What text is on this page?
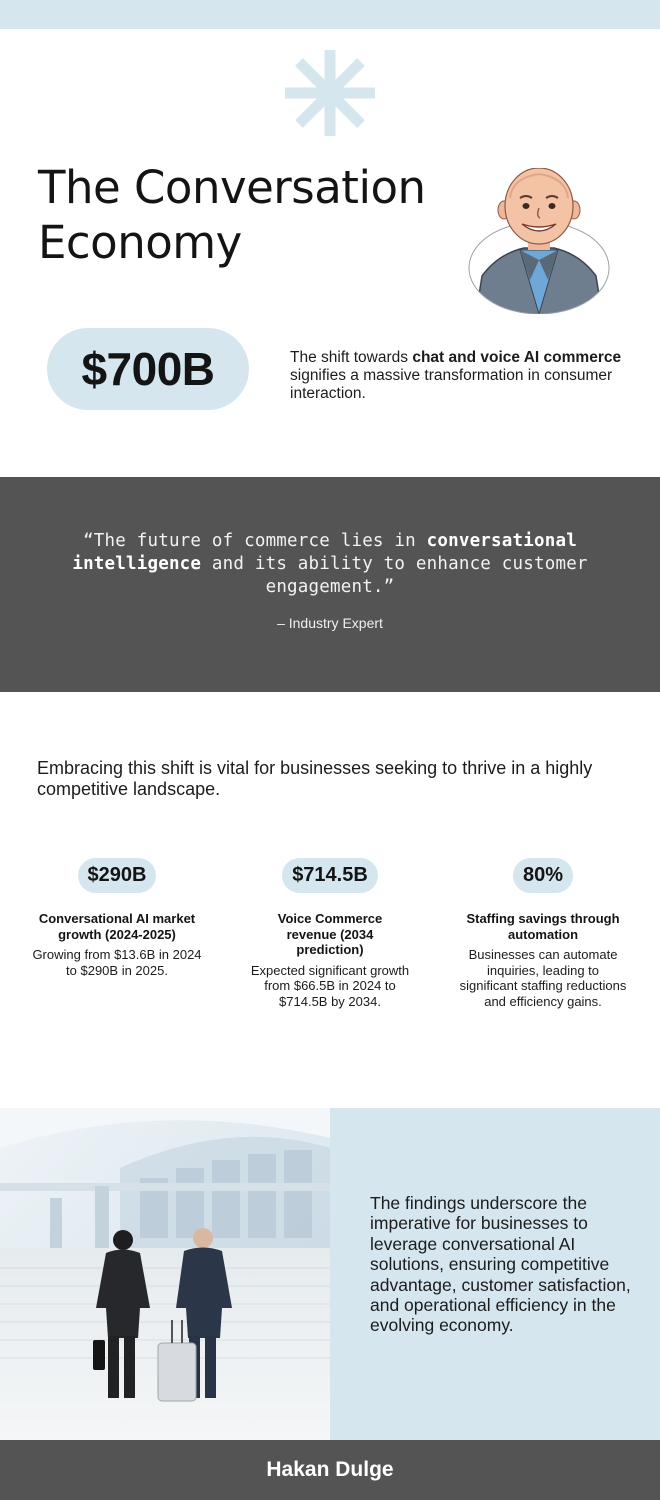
The Conversation
Economy
$700B	The shift towards chat and voice AI commerce signifies a massive transformation in consumer interaction.
“The future of commerce lies in conversational intelligence and its ability to enhance customer engagement.”
– Industry Expert
Embracing this shift is vital for businesses seeking to thrive in a highly competitive landscape.
$290B
Conversational AI market growth (2024-2025)
Growing from $13.6B in 2024 to $290B in 2025.
$714.5B
Voice Commerce revenue (2034 prediction)
Expected significant growth from $66.5B in 2024 to $714.5B by 2034.
80%
Staffing savings through automation
Businesses can automate inquiries, leading to significant staffing reductions and efficiency gains.
The findings underscore the imperative for businesses to leverage conversational AI solutions, ensuring competitive advantage, customer satisfaction, and operational efficiency in the evolving economy.
Hakan Dulge
